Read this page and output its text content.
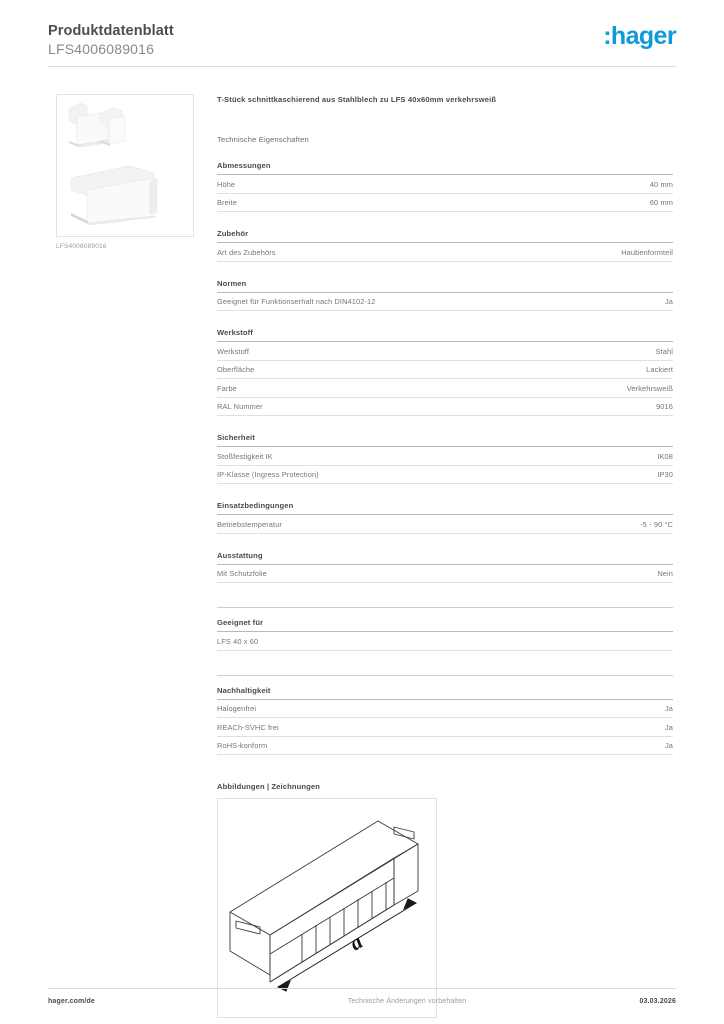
Produktdatenblatt
LFS4006089016	:hager
LFS4006089016
T-Stück schnittkaschierend aus Stahlblech zu LFS 40x60mm verkehrsweiß
Technische Eigenschaften
Abmessungen
Höhe	40 mm
Breite	60 mm
Zubehör
Art des Zubehörs	Haubenformteil
Normen
Geeignet für Funktionserhalt nach DIN4102-12	Ja
Werkstoff
Werkstoff	Stahl
Oberfläche	Lackiert
Farbe	Verkehrsweiß
RAL Nummer	9016
Sicherheit
Stoßfestigkeit IK	IK08
IP-Klasse (Ingress Protection)	IP30
Einsatzbedingungen
Betriebstemperatur	-5 - 90 °C
Ausstattung
Mit Schutzfolie	Nein
Geeignet für
LFS 40 x 60
Nachhaltigkeit
Halogenfrei	Ja
REACh-SVHC frei	Ja
RoHS-konform	Ja
Abbildungen | Zeichnungen
a
hager.com/de	Technische Änderungen vorbehalten	03.03.2026
